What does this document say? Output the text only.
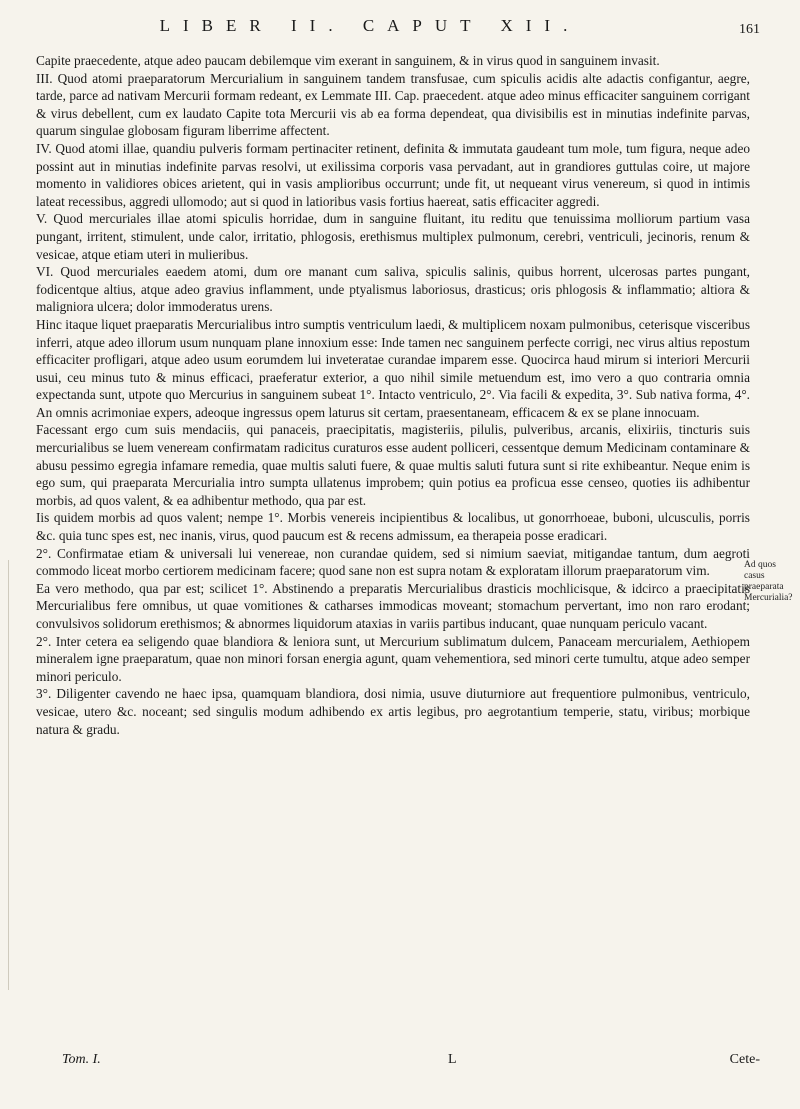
LIBER II. CAPUT XII.	161

Capite praecedente, atque adeo paucam debilemque vim exerant in sanguinem, & in virus quod in sanguinem invasit.

III. Quod atomi praeparatorum Mercurialium in sanguinem tandem transfusae, cum spiculis acidis alte adactis configantur, aegre, tarde, parce ad nativam Mercurii formam redeant, ex Lemmate III. Cap. praecedent. atque adeo minus efficaciter sanguinem corrigant & virus debellent, cum ex laudato Capite tota Mercurii vis ab ea forma dependeat, qua divisibilis est in minutias indefinite parvas, quarum singulae globosam figuram liberrime affectent.

IV. Quod atomi illae, quandiu pulveris formam pertinaciter retinent, definita & immutata gaudeant tum mole, tum figura, neque adeo possint aut in minutias indefinite parvas resolvi, ut exilissima corporis vasa pervadant, aut in grandiores guttulas coire, ut majore momento in validiores obices arietent, qui in vasis amplioribus occurrunt; unde fit, ut nequeant virus venereum, si quod in intimis lateat recessibus, aggredi ullomodo; aut si quod in latioribus vasis fortius haereat, satis efficaciter aggredi.

V. Quod mercuriales illae atomi spiculis horridae, dum in sanguine fluitant, itu reditu que tenuissima molliorum partium vasa pungant, irritent, stimulent, unde calor, irritatio, phlogosis, erethismus multiplex pulmonum, cerebri, ventriculi, jecinoris, renum & vesicae, atque etiam uteri in mulieribus.

VI. Quod mercuriales eaedem atomi, dum ore manant cum saliva, spiculis salinis, quibus horrent, ulcerosas partes pungant, fodicentque altius, atque adeo gravius inflamment, unde ptyalismus laboriosus, drasticus; oris phlogosis & inflammatio; altiora & maligniora ulcera; dolor immoderatus urens.

Hinc itaque liquet praeparatis Mercurialibus intro sumptis ventriculum laedi, & multiplicem noxam pulmonibus, ceterisque visceribus inferri, atque adeo illorum usum nunquam plane innoxium esse: Inde tamen nec sanguinem perfecte corrigi, nec virus altius repostum efficaciter profligari, atque adeo usum eorumdem lui inveteratae curandae imparem esse. Quocirca haud mirum si interiori Mercurii usui, ceu minus tuto & minus efficaci, praeferatur exterior, a quo nihil simile metuendum est, imo vero a quo contraria omnia expectanda sunt, utpote quo Mercurius in sanguinem subeat 1°. Intacto ventriculo, 2°. Via facili & expedita, 3°. Sub nativa forma, 4°. An omnis acrimoniae expers, adeoque ingressus opem laturus sit certam, praesentaneam, efficacem & ex se plane innocuam.

Facessant ergo cum suis mendaciis, qui panaceis, praecipitatis, magisteriis, pilulis, pulveribus, arcanis, elixiriis, tincturis suis mercurialibus se luem veneream confirmatam radicitus curaturos esse audent polliceri, cessentque demum Medicinam contaminare & abusu pessimo egregia infamare remedia, quae multis saluti fuere, & quae multis saluti futura sunt si rite exhibeantur. Neque enim is ego sum, qui praeparata Mercurialia intro sumpta ullatenus improbem; quin potius ea proficua esse censeo, quoties iis adhibentur morbis, ad quos valent, & ea adhibentur methodo, qua par est.

Iis quidem morbis ad quos valent; nempe 1°. Morbis venereis incipientibus & localibus, ut gonorrhoeae, buboni, ulcusculis, porris &c. quia tunc spes est, nec inanis, virus, quod paucum est & recens admissum, ea therapeia posse eradicari.

2°. Confirmatae etiam & universali lui venereae, non curandae quidem, sed si nimium saeviat, mitigandae tantum, dum aegroti commodo liceat morbo certiorem medicinam facere; quod sane non est supra notam & exploratam illorum praeparatorum vim.

Ea vero methodo, qua par est; scilicet 1°. Abstinendo a preparatis Mercurialibus drasticis mochlicisque, & idcirco a praecipitatis Mercurialibus fere omnibus, ut quae vomitiones & catharses immodicas moveant; stomachum pervertant, imo non raro erodant; convulsivos solidorum erethismos; & abnormes liquidorum ataxias in variis partibus inducant, quae nunquam periculo vacant.

2°. Inter cetera ea seligendo quae blandiora & leniora sunt, ut Mercurium sublimatum dulcem, Panaceam mercurialem, Aethiopem mineralem igne praeparatum, quae non minori forsan energia agunt, quam vehementiora, sed minori certe tumultu, atque adeo semper minori periculo.

3°. Diligenter cavendo ne haec ipsa, quamquam blandiora, dosi nimia, usuve diuturniore aut frequentiore pulmonibus, ventriculo, vesicae, utero &c. noceant; sed singulis modum adhibendo ex artis legibus, pro aegrotantium temperie, statu, viribus; morbique natura & gradu.

Ad quos casus praeparata Mercurialia?
Tom. I.	L	Cete-
